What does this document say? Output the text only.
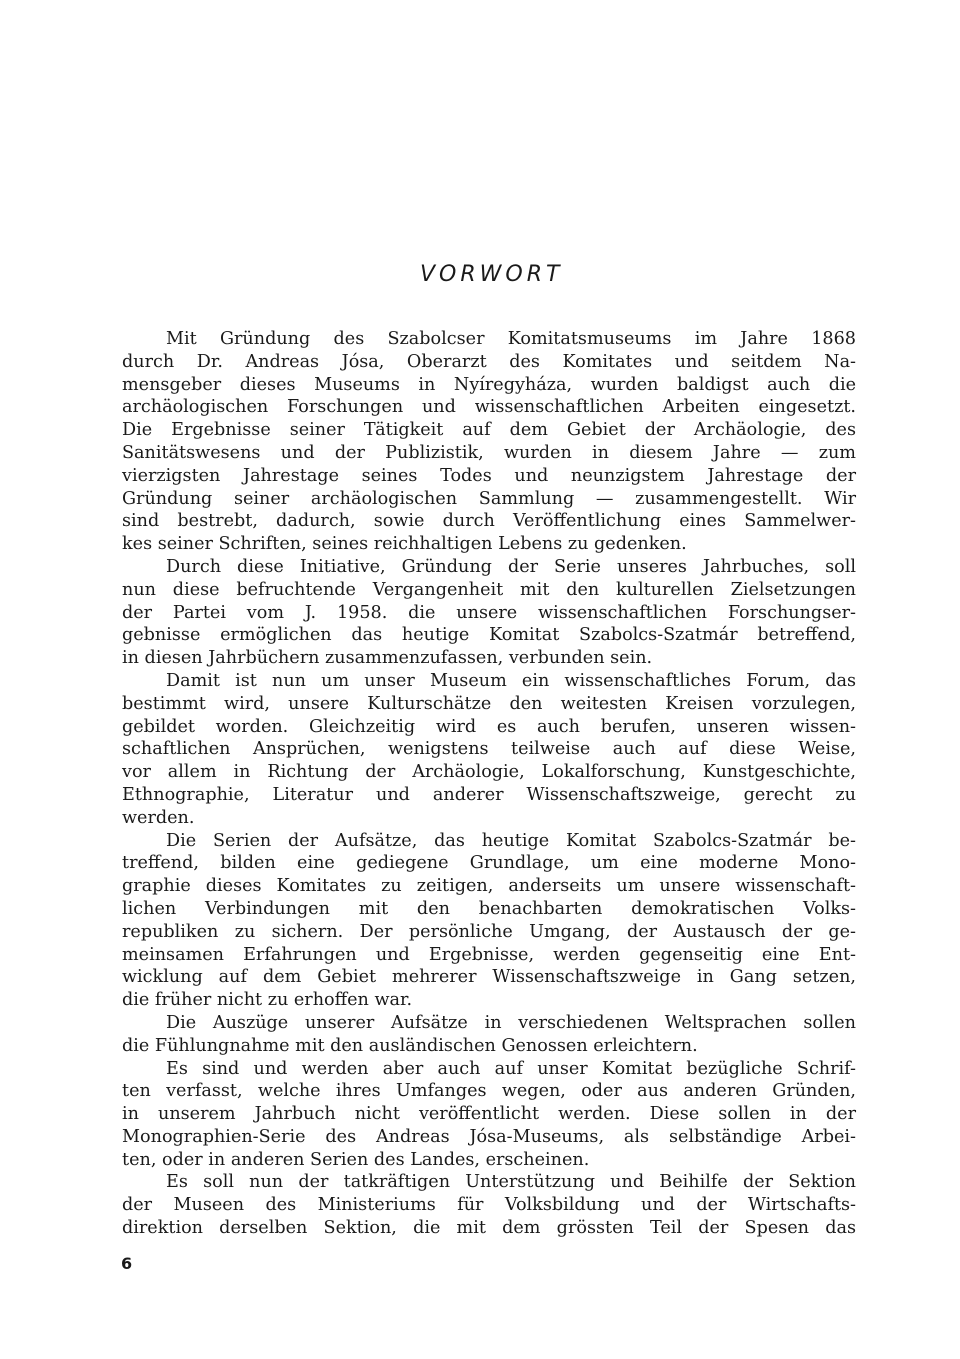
VORWORT
Mit Gründung des Szabolcser Komitatsmuseums im Jahre 1868
durch Dr. Andreas Jósa, Oberarzt des Komitates und seitdem Na-
mensgeber dieses Museums in Nyíregyháza, wurden baldigst auch die
archäologischen Forschungen und wissenschaftlichen Arbeiten eingesetzt.
Die Ergebnisse seiner Tätigkeit auf dem Gebiet der Archäologie, des
Sanitätswesens und der Publizistik, wurden in diesem Jahre — zum
vierzigsten Jahrestage seines Todes und neunzigstem Jahrestage der
Gründung seiner archäologischen Sammlung — zusammengestellt. Wir
sind bestrebt, dadurch, sowie durch Veröffentlichung eines Sammelwer-
kes seiner Schriften, seines reichhaltigen Lebens zu gedenken.
Durch diese Initiative, Gründung der Serie unseres Jahrbuches, soll
nun diese befruchtende Vergangenheit mit den kulturellen Zielsetzungen
der Partei vom J. 1958. die unsere wissenschaftlichen Forschungser-
gebnisse ermöglichen das heutige Komitat Szabolcs-Szatmár betreffend,
in diesen Jahrbüchern zusammenzufassen, verbunden sein.
Damit ist nun um unser Museum ein wissenschaftliches Forum, das
bestimmt wird, unsere Kulturschätze den weitesten Kreisen vorzulegen,
gebildet worden. Gleichzeitig wird es auch berufen, unseren wissen-
schaftlichen Ansprüchen, wenigstens teilweise auch auf diese Weise,
vor allem in Richtung der Archäologie, Lokalforschung, Kunstgeschichte,
Ethnographie, Literatur und anderer Wissenschaftszweige, gerecht zu
werden.
Die Serien der Aufsätze, das heutige Komitat Szabolcs-Szatmár be-
treffend, bilden eine gediegene Grundlage, um eine moderne Mono-
graphie dieses Komitates zu zeitigen, anderseits um unsere wissenschaft-
lichen Verbindungen mit den benachbarten demokratischen Volks-
republiken zu sichern. Der persönliche Umgang, der Austausch der ge-
meinsamen Erfahrungen und Ergebnisse, werden gegenseitig eine Ent-
wicklung auf dem Gebiet mehrerer Wissenschaftszweige in Gang setzen,
die früher nicht zu erhoffen war.
Die Auszüge unserer Aufsätze in verschiedenen Weltsprachen sollen
die Fühlungnahme mit den ausländischen Genossen erleichtern.
Es sind und werden aber auch auf unser Komitat bezügliche Schrif-
ten verfasst, welche ihres Umfanges wegen, oder aus anderen Gründen,
in unserem Jahrbuch nicht veröffentlicht werden. Diese sollen in der
Monographien-Serie des Andreas Jósa-Museums, als selbständige Arbei-
ten, oder in anderen Serien des Landes, erscheinen.
Es soll nun der tatkräftigen Unterstützung und Beihilfe der Sektion
der Museen des Ministeriums für Volksbildung und der Wirtschafts-
direktion derselben Sektion, die mit dem grössten Teil der Spesen das
6
